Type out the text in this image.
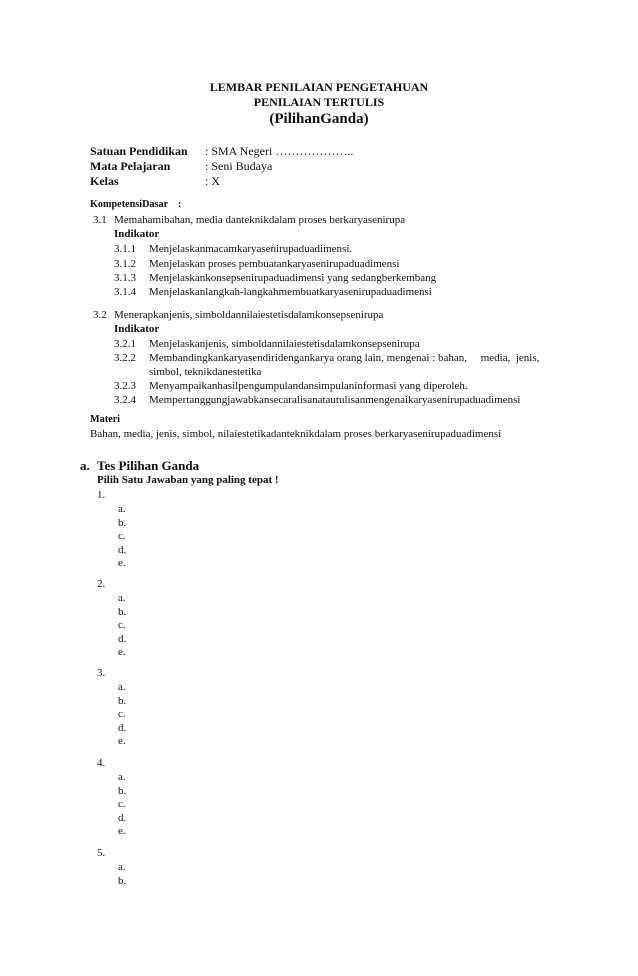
LEMBAR PENILAIAN PENGETAHUAN
PENILAIAN TERTULIS
(PilihanGanda)
Satuan Pendidikan : SMA Negeri ………………..
Mata Pelajaran	: Seni Budaya
Kelas	: X
KompetensiDasar :
3.1 Memahamibahan, media danteknikdalam proses berkaryasenirupa
Indikator
3.1.1 Menjelaskanmacamkaryasenirupaduadimensi.
3.1.2 Menjelaskan proses pembuatankaryasenirupaduadimensi
3.1.3 Menjelaskankonsepsenirupaduadimensi yang sedangberkembang
3.1.4 Menjelaskanlangkah-langkahmembuatkaryasenirupaduadimensi
3.2 Menerapkanjenis, simboldannilaiestetisdalamkonsepsenirupa
Indikator
3.2.1 Menjelaskanjenis, simboldannilaiestetisdalamkonsepsenirupa
3.2.2 Membandingkankaryasendiridengankarya orang lain, mengenai : bahan,     media,  jenis,
simbol, teknikdanestetika
3.2.3 Menyampaikanhasilpengumpulandansimpulaninformasi yang diperoleh.
3.2.4 Mempertanggungjawabkansecaralisanatautulisanmengenaikaryasenirupaduadimensi
Materi
Bahan, media, jenis, simbol, nilaiestetikadanteknikdalam proses berkaryasenirupaduadimensi
a. Tes Pilihan Ganda
Pilih Satu Jawaban yang paling tepat !
1.
a.
b.
c.
d.
e.
2.
a.
b.
c.
d.
e.
3.
a.
b.
c.
d.
e.
4.
a.
b.
c.
d.
e.
5.
a.
b.
